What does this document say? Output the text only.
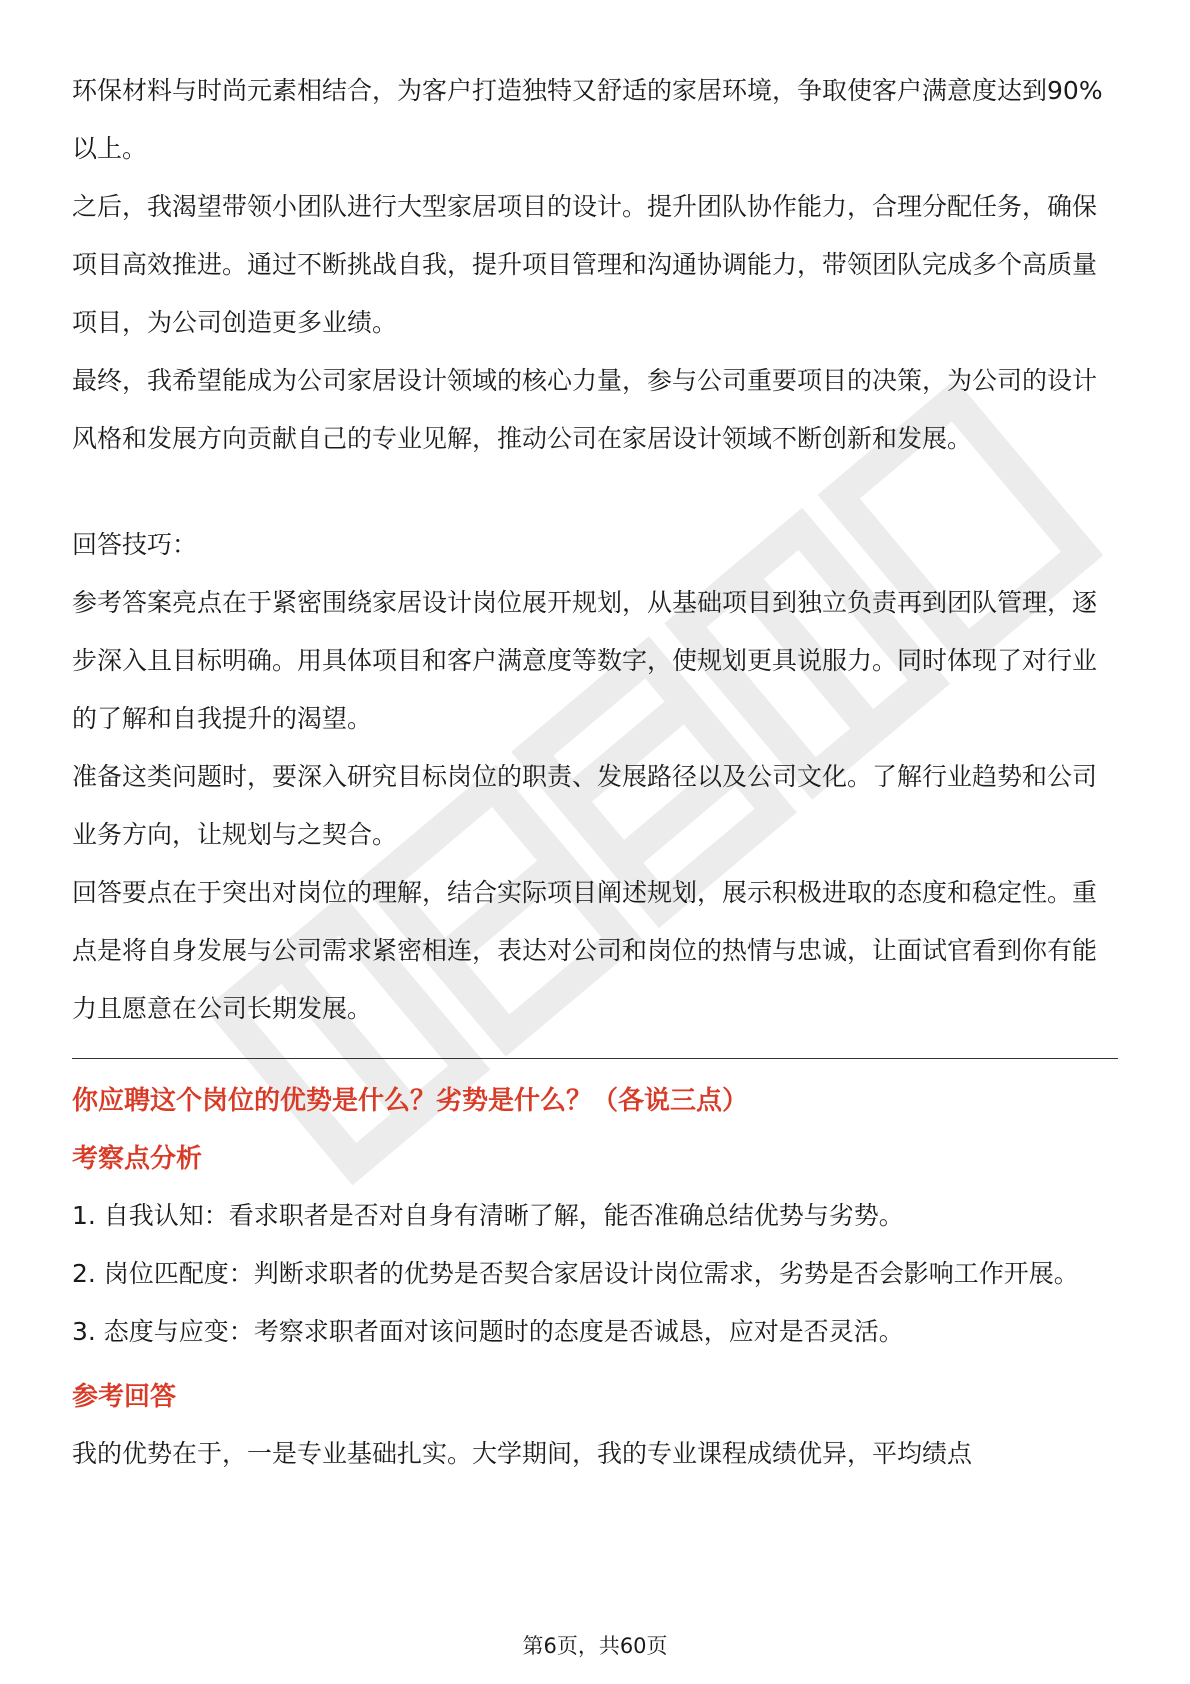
环保材料与时尚元素相结合，为客户打造独特又舒适的家居环境，争取使客户满意度达到90%以上。

之后，我渴望带领小团队进行大型家居项目的设计。提升团队协作能力，合理分配任务，确保项目高效推进。通过不断挑战自我，提升项目管理和沟通协调能力，带领团队完成多个高质量项目，为公司创造更多业绩。

最终，我希望能成为公司家居设计领域的核心力量，参与公司重要项目的决策，为公司的设计风格和发展方向贡献自己的专业见解，推动公司在家居设计领域不断创新和发展。

回答技巧：

参考答案亮点在于紧密围绕家居设计岗位展开规划，从基础项目到独立负责再到团队管理，逐步深入且目标明确。用具体项目和客户满意度等数字，使规划更具说服力。同时体现了对行业的了解和自我提升的渴望。

准备这类问题时，要深入研究目标岗位的职责、发展路径以及公司文化。了解行业趋势和公司业务方向，让规划与之契合。

回答要点在于突出对岗位的理解，结合实际项目阐述规划，展示积极进取的态度和稳定性。重点是将自身发展与公司需求紧密相连，表达对公司和岗位的热情与忠诚，让面试官看到你有能力且愿意在公司长期发展。

你应聘这个岗位的优势是什么？劣势是什么？（各说三点）

考察点分析

1. 自我认知：看求职者是否对自身有清晰了解，能否准确总结优势与劣势。

2. 岗位匹配度：判断求职者的优势是否契合家居设计岗位需求，劣势是否会影响工作开展。

3. 态度与应变：考察求职者面对该问题时的态度是否诚恳，应对是否灵活。

参考回答

我的优势在于，一是专业基础扎实。大学期间，我的专业课程成绩优异，平均绩点

第6页，共60页
